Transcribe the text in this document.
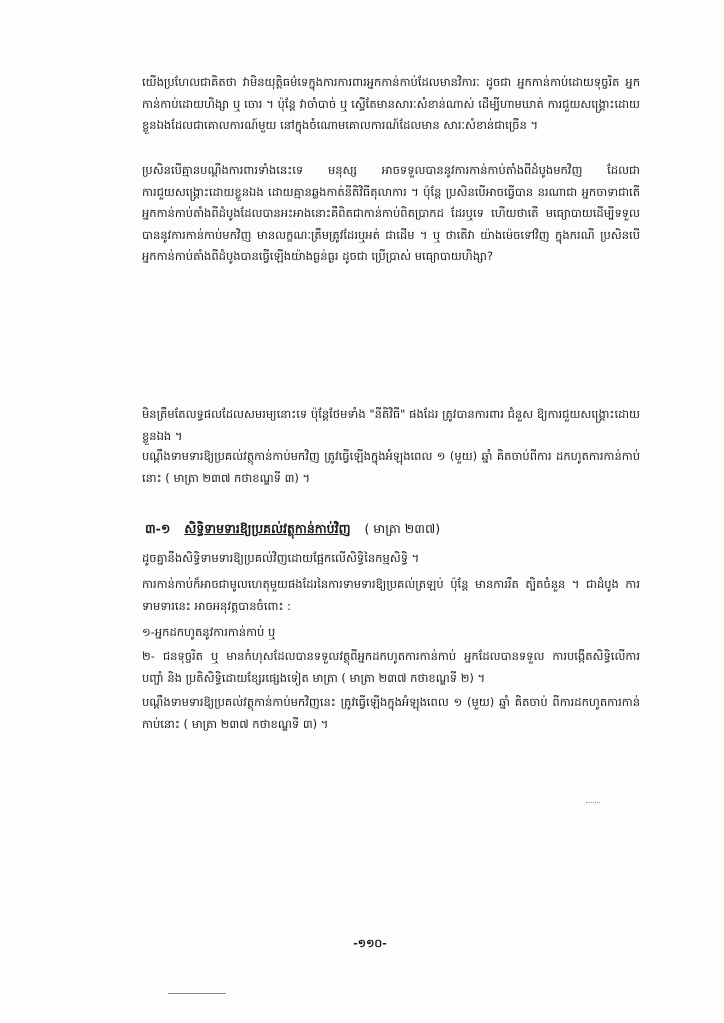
យើងប្រហែលជាគិតថា វាមិនយុត្តិធម៌ទេក្នុងការការពារអ្នកកាន់កាប់ដែលមានវិការៈ ដូចជា អ្នកកាន់កាប់ដោយទុច្ចរិត អ្នកកាន់កាប់ដោយហិង្សា ឬ ចោរ ។ ប៉ុន្តែ វាចាំបាច់ ឬ ស្ទើតែមានសារៈសំខាន់ណាស់ ដើម្បីហាមឃាត់ ការជួយសង្គ្រោះដោយខ្លួនឯងដែលជាគោលការណ៍មួយ នៅក្នុងចំណោមគោលការណ៍ដែលមាន សារៈសំខាន់ជាច្រើន ។

ប្រសិនបើគ្មានបណ្តឹងការពារទាំងនេះទេ មនុស្ស អាចទទួលបាននូវការកាន់កាប់តាំងពីដំបូងមកវិញ ដែលជាការជួយសង្គ្រោះដោយខ្លួនឯង ដោយគ្មានឆ្លងកាត់នីតិវិធីតុលាការ ។ ប៉ុន្តែ ប្រសិនបើអាចធ្វើបាន នរណាជា អ្នកចាទាជាតើ អ្នកកាន់កាប់តាំងពីដំបូងដែលបានអះអាងនោះគឺពិតជាកាន់កាប់ពិតប្រាកដ ដែរឬទេ ហើយថាតើ មធ្យោបាយដើម្បីទទួលបាននូវការកាន់កាប់មកវិញ មានលក្ខណៈត្រឹមត្រូវដែរឬអត់ ជាដើម ។ ឬ ថាតើវា យ៉ាងម៉េចទៅវិញ ក្នុងករណី ប្រសិនបើ អ្នកកាន់កាប់តាំងពីដំបូងបានធ្វើឡើងយ៉ាងធ្ងន់ធ្ងរ ដូចជា ប្រើប្រាស់ មធ្យោបាយហិង្សា?

មិនត្រឹមតែលទ្ធផលដែលសមរម្យនោះទេ ប៉ុន្តែថែមទាំង "នីតិវិធី" ផងដែរ ត្រូវបានការពារ ជំនួស ឱ្យការជួយសង្គ្រោះដោយខ្លួនឯង ។

បណ្តឹងទាមទារឱ្យប្រគល់វត្ថុកាន់កាប់មកវិញ ត្រូវធ្វើឡើងក្នុងអំឡុងពេល ១ (មួយ) ឆ្នាំ គិតចាប់ពីការ ដកហូតការកាន់កាប់នោះ ( មាត្រា ២៣៧ កថាខណ្ឌទី ៣) ។

៣-១ សិទ្ធិទាមទារឱ្យប្រគល់វត្ថុកាន់កាប់វិញ ( មាត្រា ២៣៧)

ដូចគ្នានឹងសិទ្ធិទាមទារឱ្យប្រគល់វិញដោយផ្អែកលើសិទ្ធិនៃកម្មសិទ្ធិ ។

ការកាន់កាប់ក៏អាចជាមូលហេតុមួយផងដែរនៃការទាមទារឱ្យប្រគល់ត្រឡប់ ប៉ុន្តែ មានការរឹត ត្បិតចំនួន ។ ជាដំបូង ការទាមទារនេះ អាចអនុវត្តបានចំពោះ :

១-អ្នកដកហូតនូវការកាន់កាប់ ឬ

២- ជនទុច្ចរិត ឬ មានកំហុសដែលបានទទួលវត្ថុពីអ្នកដកហូតការកាន់កាប់ អ្នកដែលបានទទួល ការបង្កើតសិទ្ធិលើការបញ្ចាំ និង ប្រតិសិទ្ធិដោយខ្សែរផ្សេងទៀត មាត្រា ( មាត្រា ២៣៧ កថាខណ្ឌទី ២) ។

បណ្តឹងទាមទារឱ្យប្រគល់វត្ថុកាន់កាប់មកវិញនេះ ត្រូវធ្វើឡើងក្នុងអំឡុងពេល ១ (មួយ) ឆ្នាំ គិតចាប់ ពីការដកហូតការកាន់កាប់នោះ ( មាត្រា ២៣៧ កថាខណ្ឌទី ៣) ។

-១១០-
